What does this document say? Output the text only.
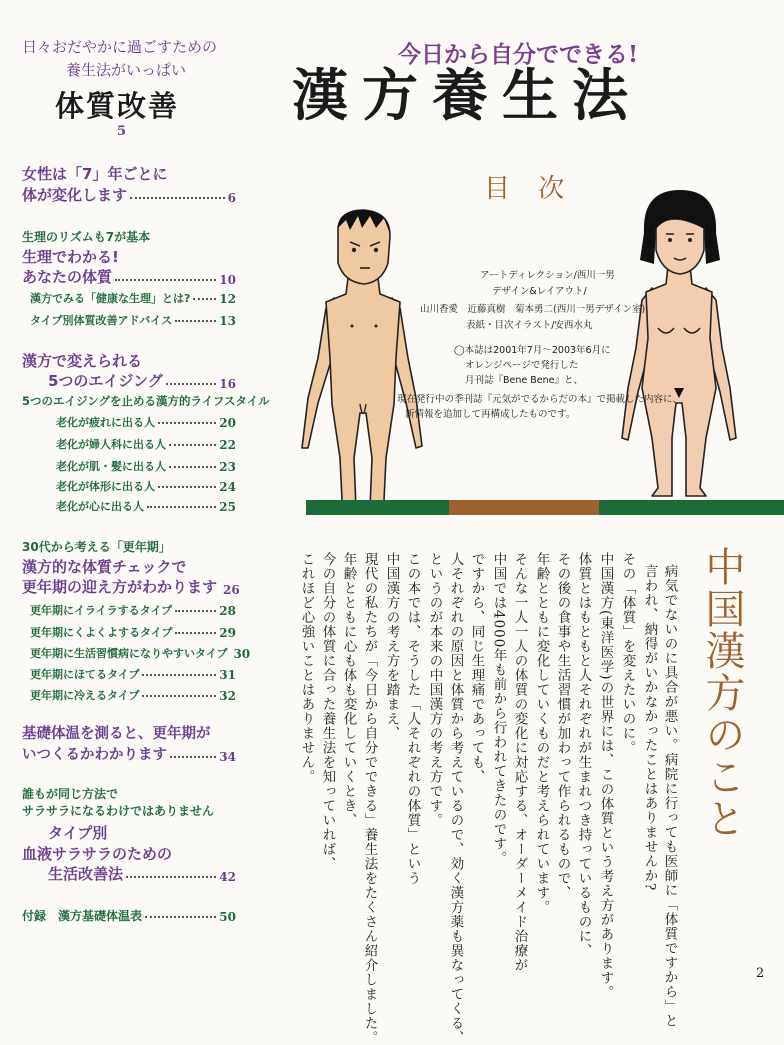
日々おだやかに過ごすための
養生法がいっぱい
体質改善
5
女性は「7」年ごとに
体が変化します	6
生理のリズムも7が基本
生理でわかる!
あなたの体質	10
漢方でみる「健康な生理」とは? 12
タイプ別体質改善アドバイス	13
漢方で変えられる
5つのエイジング	16
5つのエイジングを止める漢方的ライフスタイル
老化が疲れに出る人	20
老化が婦人科に出る人	22
老化が肌・髪に出る人	23
老化が体形に出る人	24
老化が心に出る人	25
30代から考える「更年期」
漢方的な体質チェックで
更年期の迎え方がわかります 26
更年期にイライラするタイプ	28
更年期にくよくよするタイプ	29
更年期に生活習慣病になりやすいタイプ 30
更年期にほてるタイプ	31
更年期に冷えるタイプ	32
基礎体温を測ると、更年期が
いつくるかわかります	34
誰もが同じ方法で
サラサラになるわけではありません
タイプ別
血液サラサラのための
生活改善法	42
付録　漢方基礎体温表	50
今日から自分でできる!
漢方養生法
目 次
アートディレクション/西川一男
デザイン&レイアウト/
山川香愛　近藤真樹　菊本勇二(西川一男デザイン室)
表紙・目次イラスト/安西水丸
◯本誌は2001年7月〜2003年6月に
オレンジページで発行した
月刊誌『Bene Bene』と、
現在発行中の季刊誌『元気がでるからだの本』で掲載した内容に、
新情報を追加して再構成したものです。
中国漢方のこと
病気でないのに具合が悪い。病院に行っても医師に「体質ですから」と
言われ、納得がいかなかったことはありませんか?
その「体質」を変えたいのに。
中国漢方(東洋医学)の世界には、この体質という考え方があります。
体質とはもともと人それぞれが生まれつき持っているものに、
その後の食事や生活習慣が加わって作られるもので、
年齢とともに変化していくものだと考えられています。
そんな一人一人の体質の変化に対応する、オーダーメイド治療が
中国では4000年も前から行われてきたのです。
ですから、同じ生理痛であっても、
人それぞれの原因と体質から考えているので、効く漢方薬も異なってくる、
というのが本来の中国漢方の考え方です。
この本では、そうした「人それぞれの体質」という
中国漢方の考え方を踏まえ、
現代の私たちが「今日から自分でできる」養生法をたくさん紹介しました。
年齢とともに心も体も変化していくとき、
今の自分の体質に合った養生法を知っていれば、
これほど心強いことはありません。
2
